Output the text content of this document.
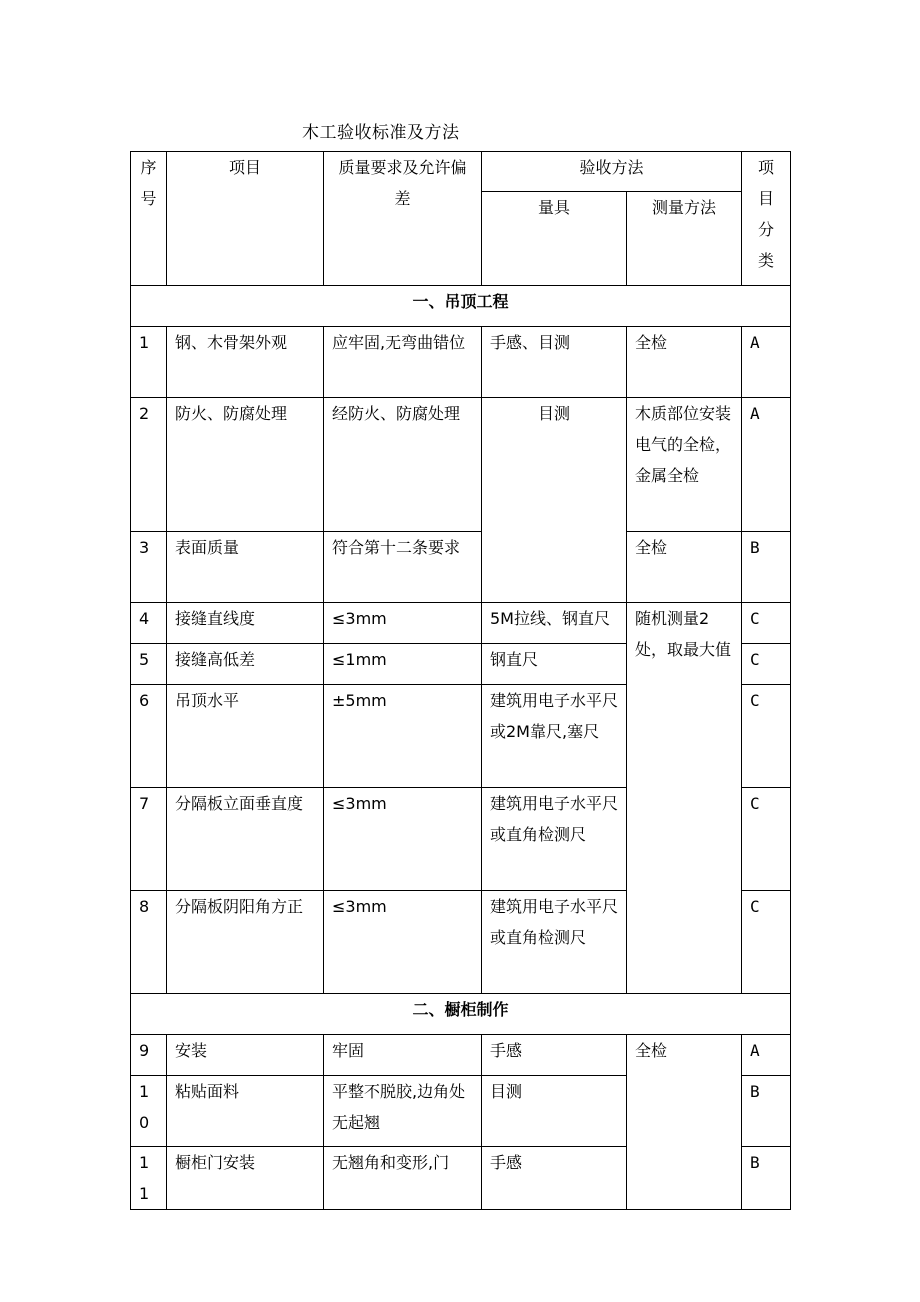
木工验收标准及方法
序号	项目	质量要求及允许偏差	验收方法		项目分类

			量具	测量方法	
一、吊顶工程					
1	钢、木骨架外观	应牢固,无弯曲错位	手感、目测	全检	A
2	防火、防腐处理	经防火、防腐处理	目测	木质部位安装电气的全检，金属全检	A
3	表面质量	符合第十二条要求		全检	B
4	接缝直线度	≤3mm	5M拉线、钢直尺	随机测量2处，取最大值	C
5	接缝高低差	≤1mm	钢直尺		C
6	吊顶水平	±5mm	建筑用电子水平尺或2M靠尺,塞尺		C
7	分隔板立面垂直度	≤3mm	建筑用电子水平尺或直角检测尺		C
8	分隔板阴阳角方正	≤3mm	建筑用电子水平尺或直角检测尺		C
二、橱柜制作					
9	安装	牢固	手感	全检	A
10	粘贴面料	平整不脱胶,边角处无起翘	目测		B
11	橱柜门安装	无翘角和变形,门	手感		B
